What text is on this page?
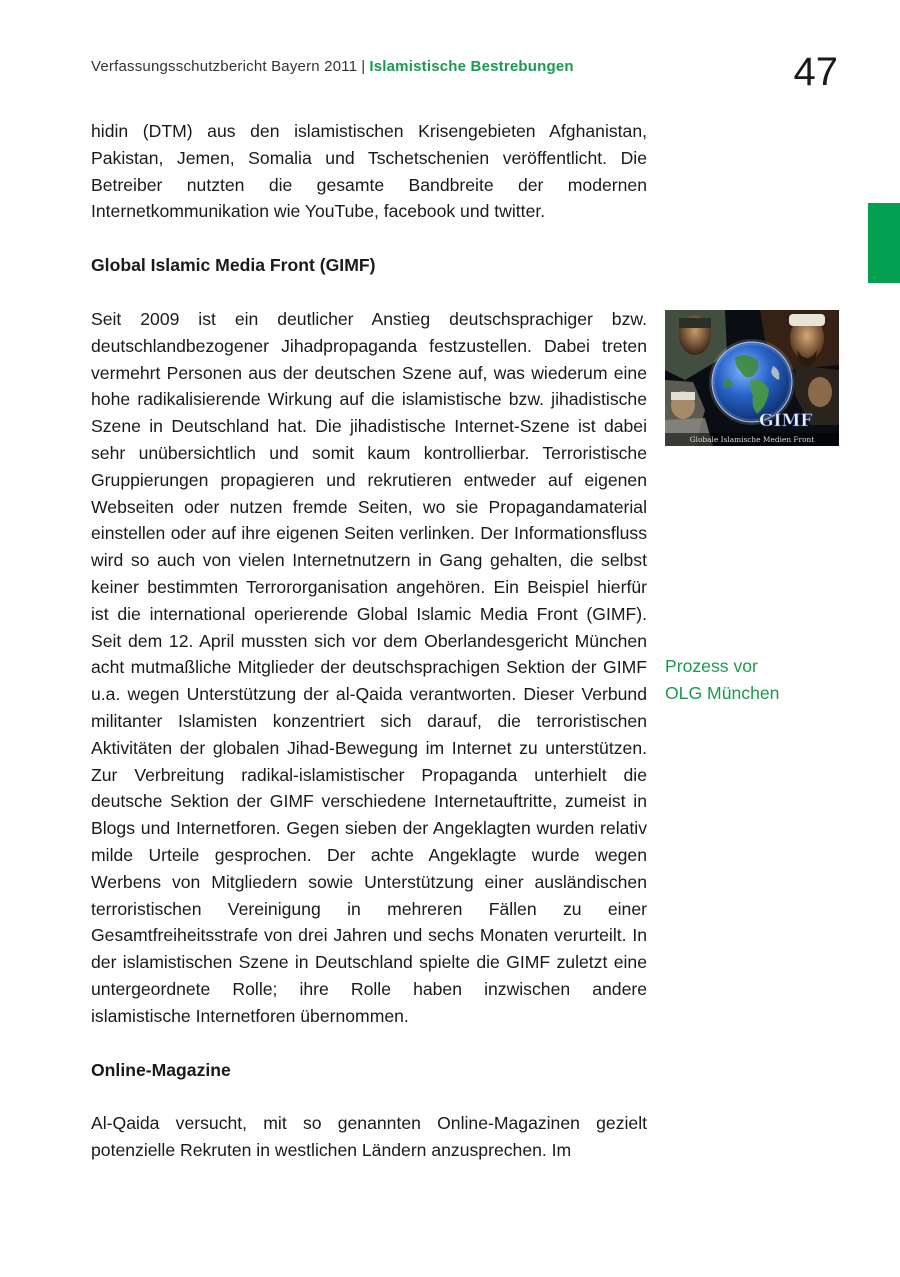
Verfassungsschutzbericht Bayern 2011 | Islamistische Bestrebungen	47

hidin (DTM) aus den islamistischen Krisengebieten Afghanistan, Pakistan, Jemen, Somalia und Tschetschenien veröffentlicht. Die Betreiber nutzten die gesamte Bandbreite der modernen Internetkommunikation wie YouTube, facebook und twitter.

Global Islamic Media Front (GIMF)

Seit 2009 ist ein deutlicher Anstieg deutschsprachiger bzw. deutschlandbezogener Jihadpropaganda festzustellen. Dabei treten vermehrt Personen aus der deutschen Szene auf, was wiederum eine hohe radikalisierende Wirkung auf die islamistische bzw. jihadistische Szene in Deutschland hat. Die jihadistische Internet-Szene ist dabei sehr unübersichtlich und somit kaum kontrollierbar. Terroristische Gruppierungen propagieren und rekrutieren entweder auf eigenen Webseiten oder nutzen fremde Seiten, wo sie Propagandamaterial einstellen oder auf ihre eigenen Seiten verlinken. Der Informationsfluss wird so auch von vielen Internetnutzern in Gang gehalten, die selbst keiner bestimmten Terrororganisation angehören. Ein Beispiel hierfür ist die international operierende Global Islamic Media Front (GIMF). Seit dem 12. April mussten sich vor dem Oberlandesgericht München acht mutmaßliche Mitglieder der deutschsprachigen Sektion der GIMF u.a. wegen Unterstützung der al-Qaida verantworten. Dieser Verbund militanter Islamisten konzentriert sich darauf, die terroristischen Aktivitäten der globalen Jihad-Bewegung im Internet zu unterstützen. Zur Verbreitung radikal-islamistischer Propaganda unterhielt die deutsche Sektion der GIMF verschiedene Internetauftritte, zumeist in Blogs und Internetforen. Gegen sieben der Angeklagten wurden relativ milde Urteile gesprochen. Der achte Angeklagte wurde wegen Werbens von Mitgliedern sowie Unterstützung einer ausländischen terroristischen Vereinigung in mehreren Fällen zu einer Gesamtfreiheitsstrafe von drei Jahren und sechs Monaten verurteilt. In der islamistischen Szene in Deutschland spielte die GIMF zuletzt eine untergeordnete Rolle; ihre Rolle haben inzwischen andere islamistische Internetforen übernommen.

Online-Magazine

Al-Qaida versucht, mit so genannten Online-Magazinen gezielt potenzielle Rekruten in westlichen Ländern anzusprechen. Im

GIMF
Globale Islamische Medien Front
Prozess vor
OLG München
